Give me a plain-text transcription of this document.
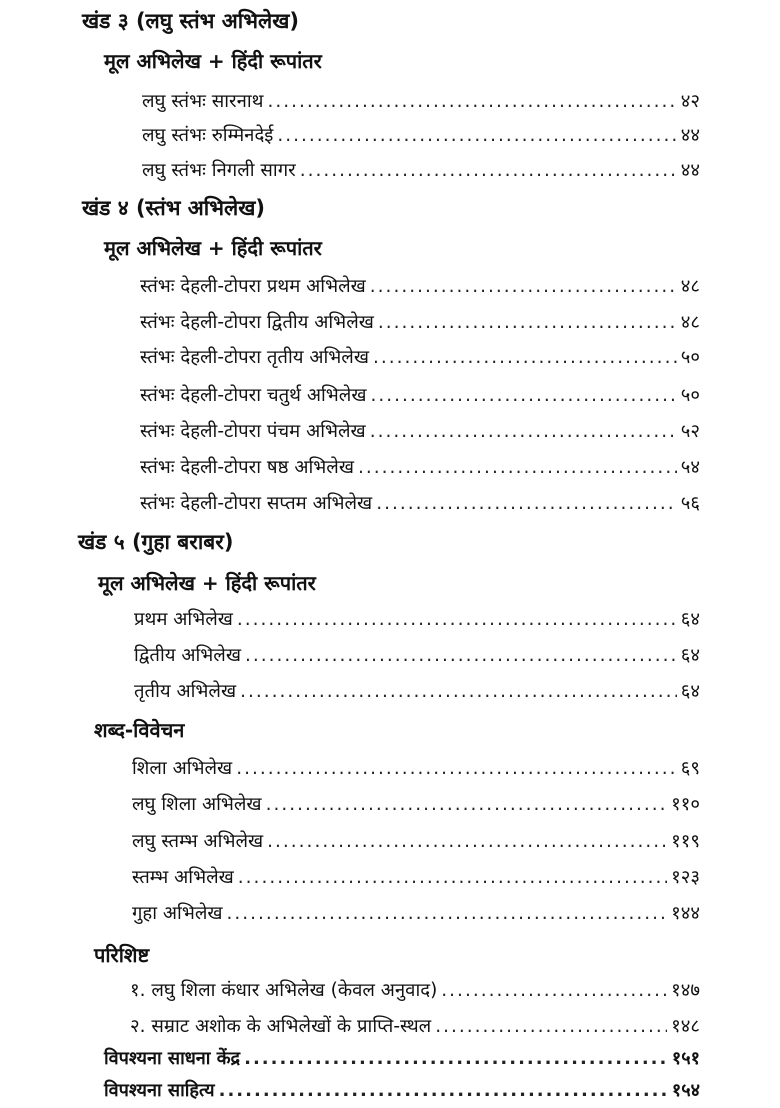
खंड ३ (लघु स्तंभ अभिलेख)
मूल अभिलेख + हिंदी रूपांतर
लघु स्तंभः सारनाथ .....	४२
लघु स्तंभः रुम्मिनदेई .....	४४
लघु स्तंभः निगली सागर .....	४४
खंड ४ (स्तंभ अभिलेख)
मूल अभिलेख + हिंदी रूपांतर
स्तंभः देहली-टोपरा प्रथम अभिलेख .....	४८
स्तंभः देहली-टोपरा द्वितीय अभिलेख .....	४८
स्तंभः देहली-टोपरा तृतीय अभिलेख .....	५०
स्तंभः देहली-टोपरा चतुर्थ अभिलेख .....	५०
स्तंभः देहली-टोपरा पंचम अभिलेख .....	५२
स्तंभः देहली-टोपरा षष्ठ अभिलेख .....	५४
स्तंभः देहली-टोपरा सप्तम अभिलेख .....	५६
खंड ५ (गुहा बराबर)
मूल अभिलेख + हिंदी रूपांतर
प्रथम अभिलेख .....	६४
द्वितीय अभिलेख .....	६४
तृतीय अभिलेख .....	६४
शब्द-विवेचन
शिला अभिलेख .....	६९
लघु शिला अभिलेख .....	११०
लघु स्तम्भ अभिलेख .....	११९
स्तम्भ अभिलेख .....	१२३
गुहा अभिलेख .....	१४४
परिशिष्ट
१. लघु शिला कंधार अभिलेख (केवल अनुवाद) .....	१४७
२. सम्राट अशोक के अभिलेखों के प्राप्ति-स्थल .....	१४८
विपश्यना साधना केंद्र .....	१५१
विपश्यना साहित्य .....	१५४
